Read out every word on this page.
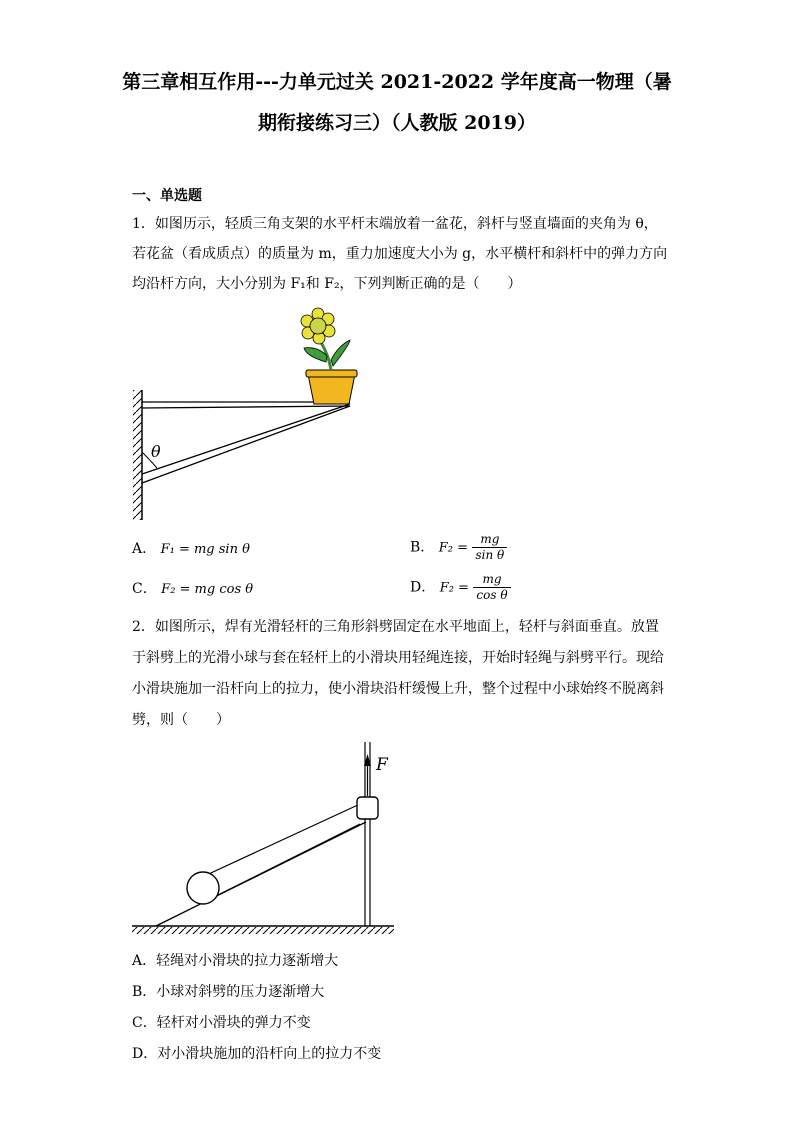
第三章相互作用---力单元过关 2021-2022 学年度高一物理（暑
期衔接练习三）（人教版 2019）
一、单选题
1．如图历示，轻质三角支架的水平杆末端放着一盆花，斜杆与竖直墙面的夹角为 θ，
若花盆（看成质点）的质量为 m，重力加速度大小为 g，水平横杆和斜杆中的弹力方向
均沿杆方向，大小分别为 F₁和 F₂，下列判断正确的是（　　）
θ
A． F₁ = mg sin θ	B． $F_2 = \frac{mg}{\text{sin θ}}$
C． F₂ = mg cos θ	D． $F_2 = \frac{mg}{\text{cos θ}}$
2．如图所示，焊有光滑轻杆的三角形斜劈固定在水平地面上，轻杆与斜面垂直。放置
于斜劈上的光滑小球与套在轻杆上的小滑块用轻绳连接，开始时轻绳与斜劈平行。现给
小滑块施加一沿杆向上的拉力，使小滑块沿杆缓慢上升，整个过程中小球始终不脱离斜
劈，则（　　）
F
A．轻绳对小滑块的拉力逐渐增大
B．小球对斜劈的压力逐渐增大
C．轻杆对小滑块的弹力不变
D．对小滑块施加的沿杆向上的拉力不变
